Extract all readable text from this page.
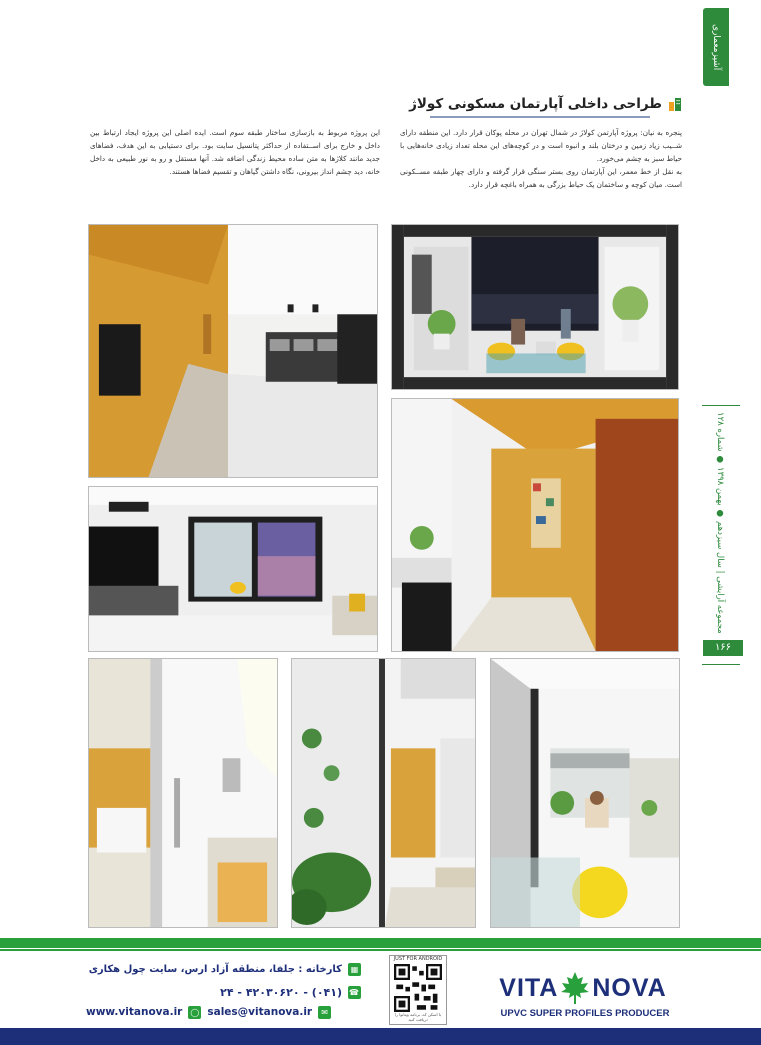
آشپزمعماری
طراحی داخلی آپارتمان مسکونی کولاژ

پنجره به نیان: پروژه آپارتمن کولاژ در شمال تهران در محله پوکان قرار دارد. این منطقه دارای شــیب زیاد زمین و درختان بلند و انبوه است و در کوچه‌های این محله تعداد زیادی خانه‌هایی با حیاط سبز به چشم می‌خورد.

به نقل از خط معمر، این آپارتمان روی بستر سنگی قرار گرفته و دارای چهار طبقه مســکونی است. میان کوچه و ساختمان یک حیاط بزرگی به همراه باغچه قرار دارد.

این پروژه مربوط به بازسازی ساختار طبقه سوم است. ایده اصلی این پروژه ایجاد ارتباط بین داخل و خارج برای اســتفاده از حداکثر پتانسیل سایت بود. برای دستیابی به این هدف، فضاهای جدید مانند کلاژها به متن ساده محیط زندگی اضافه شد. آنها مستقل و رو به نور طبیعی به داخل خانه، دید چشم انداز بیرونی، نگاه داشتن گیاهان و تقسیم فضاها هستند.

مجموعه آرایشی | سال سیزدهم ● بهمن ۱۳۹۸ ● شماره ۱۲۸
۱۶۶
▦
کارخانه : جلفا، منطقه آزاد ارس، سایت چول هکاری
☎
(۰۴۱) - ۴۲۰۳۰۶۲۰ - ۲۴
www.vitanova.ir ◯ sales@vitanova.ir	✉
JUST FOR ANDROID
با اسکن کد، برنامه ویتانوا را دریافت کنید
VITA NOVA
UPVC SUPER PROFILES PRODUCER
